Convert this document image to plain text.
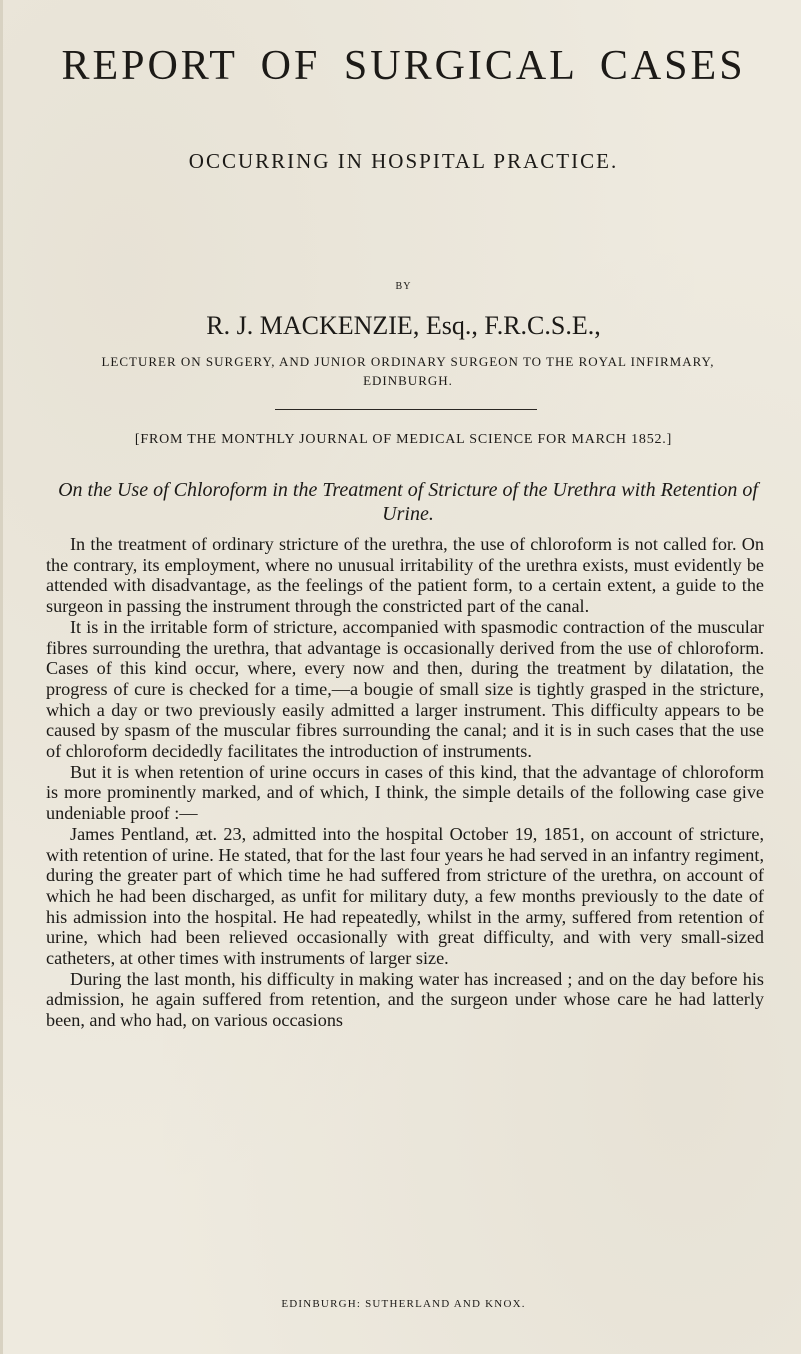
REPORT OF SURGICAL CASES
OCCURRING IN HOSPITAL PRACTICE.
BY
R. J. MACKENZIE, Esq., F.R.C.S.E.,
LECTURER ON SURGERY, AND JUNIOR ORDINARY SURGEON TO THE ROYAL INFIRMARY, EDINBURGH.
[FROM THE MONTHLY JOURNAL OF MEDICAL SCIENCE FOR MARCH 1852.]
On the Use of Chloroform in the Treatment of Stricture of the Urethra with Retention of Urine.

In the treatment of ordinary stricture of the urethra, the use of chloroform is not called for. On the contrary, its employment, where no unusual irritability of the urethra exists, must evidently be attended with disadvantage, as the feelings of the patient form, to a certain extent, a guide to the surgeon in passing the instrument through the constricted part of the canal.

It is in the irritable form of stricture, accompanied with spasmodic contraction of the muscular fibres surrounding the urethra, that advantage is occasionally derived from the use of chloroform. Cases of this kind occur, where, every now and then, during the treatment by dilatation, the progress of cure is checked for a time,—a bougie of small size is tightly grasped in the stricture, which a day or two previously easily admitted a larger instrument. This difficulty appears to be caused by spasm of the muscular fibres surrounding the canal; and it is in such cases that the use of chloroform decidedly facilitates the introduction of instruments.

But it is when retention of urine occurs in cases of this kind, that the advantage of chloroform is more prominently marked, and of which, I think, the simple details of the following case give undeniable proof :—

James Pentland, æt. 23, admitted into the hospital October 19, 1851, on account of stricture, with retention of urine. He stated, that for the last four years he had served in an infantry regiment, during the greater part of which time he had suffered from stricture of the urethra, on account of which he had been discharged, as unfit for military duty, a few months previously to the date of his admission into the hospital. He had repeatedly, whilst in the army, suffered from retention of urine, which had been relieved occasionally with great difficulty, and with very small-sized catheters, at other times with instruments of larger size.

During the last month, his difficulty in making water has increased ; and on the day before his admission, he again suffered from retention, and the surgeon under whose care he had latterly been, and who had, on various occasions

EDINBURGH: SUTHERLAND AND KNOX.
